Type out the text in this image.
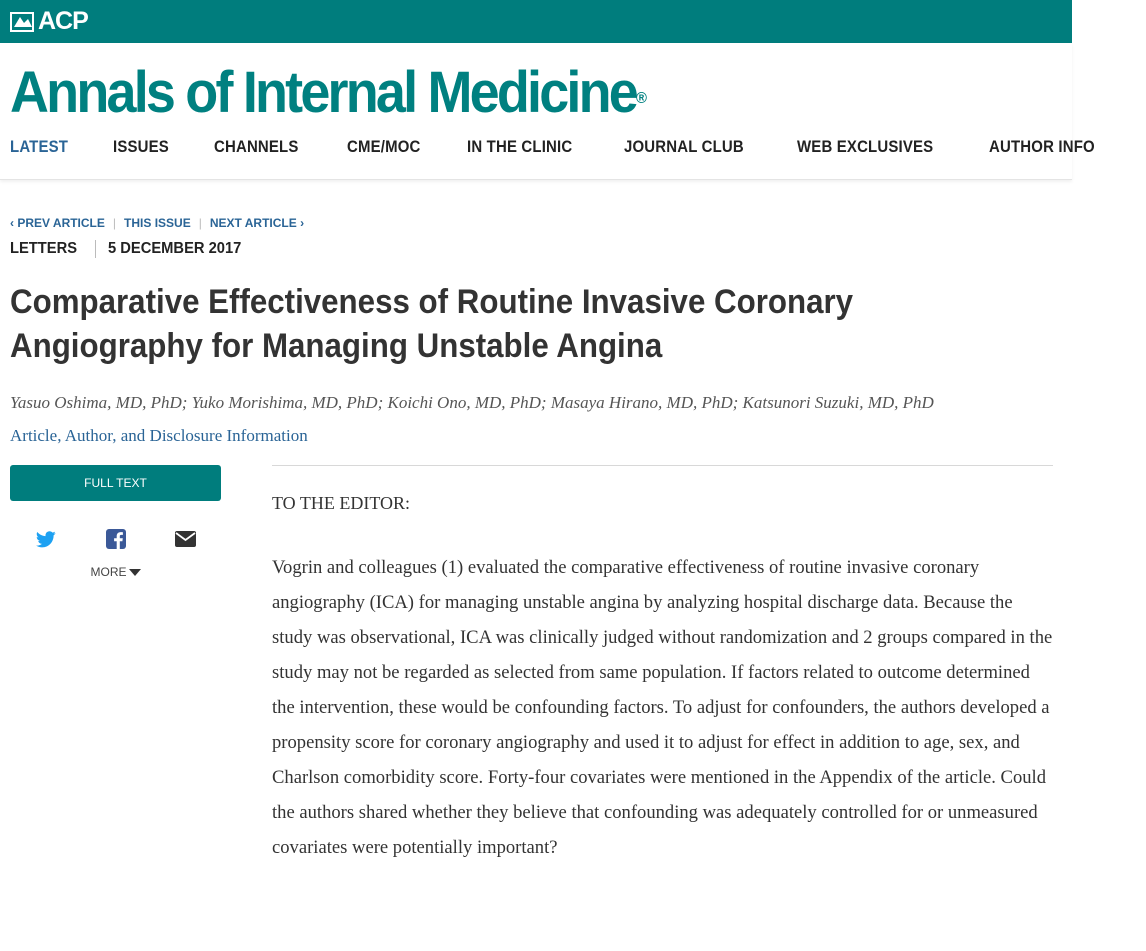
ACP
Annals of Internal Medicine®
LATEST	ISSUES	CHANNELS	CME/MOC	IN THE CLINIC	JOURNAL CLUB	WEB EXCLUSIVES	AUTHOR INFO
‹ PREV ARTICLE | THIS ISSUE | NEXT ARTICLE ›
LETTERS 5 DECEMBER 2017
Comparative Effectiveness of Routine Invasive Coronary Angiography for Managing Unstable Angina
Yasuo Oshima, MD, PhD; Yuko Morishima, MD, PhD; Koichi Ono, MD, PhD; Masaya Hirano, MD, PhD; Katsunori Suzuki, MD, PhD
Article, Author, and Disclosure Information
FULL TEXT
MORE

TO THE EDITOR:

Vogrin and colleagues (1) evaluated the comparative effectiveness of routine invasive coronary angiography (ICA) for managing unstable angina by analyzing hospital discharge data. Because the study was observational, ICA was clinically judged without randomization and 2 groups compared in the study may not be regarded as selected from same population. If factors related to outcome determined the intervention, these would be confounding factors. To adjust for confounders, the authors developed a propensity score for coronary angiography and used it to adjust for effect in addition to age, sex, and Charlson comorbidity score. Forty-four covariates were mentioned in the Appendix of the article. Could the authors shared whether they believe that confounding was adequately controlled for or unmeasured covariates were potentially important?
